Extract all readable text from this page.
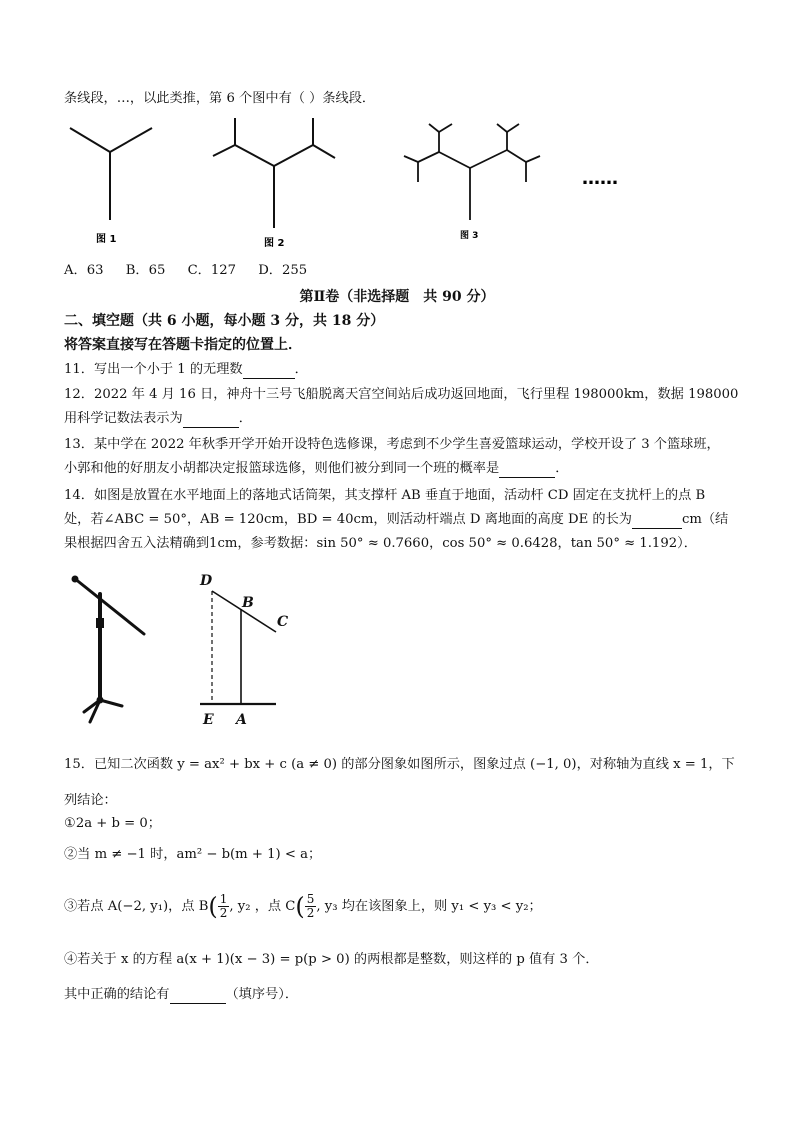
条线段，…，以此类推，第 6 个图中有（ ）条线段．
图 1	图 2
图 3
……
A．63 B．65 C．127 D．255
第Ⅱ卷（非选择题　共 90 分）
二、填空题（共 6 小题，每小题 3 分，共 18 分）
将答案直接写在答题卡指定的位置上．
11．写出一个小于 1 的无理数	．
12．2022 年 4 月 16 日，神舟十三号飞船脱离天宫空间站后成功返回地面，飞行里程 198000km，数据 198000
用科学记数法表示为	．
13．某中学在 2022 年秋季开学开始开设特色选修课，考虑到不少学生喜爱篮球运动，学校开设了 3 个篮球班，
小郭和他的好朋友小胡都决定报篮球选修，则他们被分到同一个班的概率是	．
14．如图是放置在水平地面上的落地式话筒架，其支撑杆 AB 垂直于地面，活动杆 CD 固定在支扰杆上的点 B
处，若∠ABC = 50°，AB = 120cm，BD = 40cm，则活动杆端点 D 离地面的高度 DE 的长为	cm（结
果根据四舍五入法精确到1cm，参考数据：sin 50° ≈ 0.7660，cos 50° ≈ 0.6428，tan 50° ≈ 1.192）．
D
B
C
E A
15．已知二次函数 y = ax² + bx + c (a ≠ 0) 的部分图象如图所示，图象过点 (−1, 0)，对称轴为直线 x = 1，下
列结论：
①2a + b = 0；
②当 m ≠ −1 时，am² − b(m + 1) < a；
③若点 A(−2, y₁)，点 $B( \frac{1}{2}$ , y₂ ，点 $C( \frac{5}{2}$ , y₃ 均在该图象上，则 y₁ < y₃ < y₂；
④若关于 x 的方程 a(x + 1)(x − 3) = p(p > 0) 的两根都是整数，则这样的 p 值有 3 个．
其中正确的结论有	（填序号）．
